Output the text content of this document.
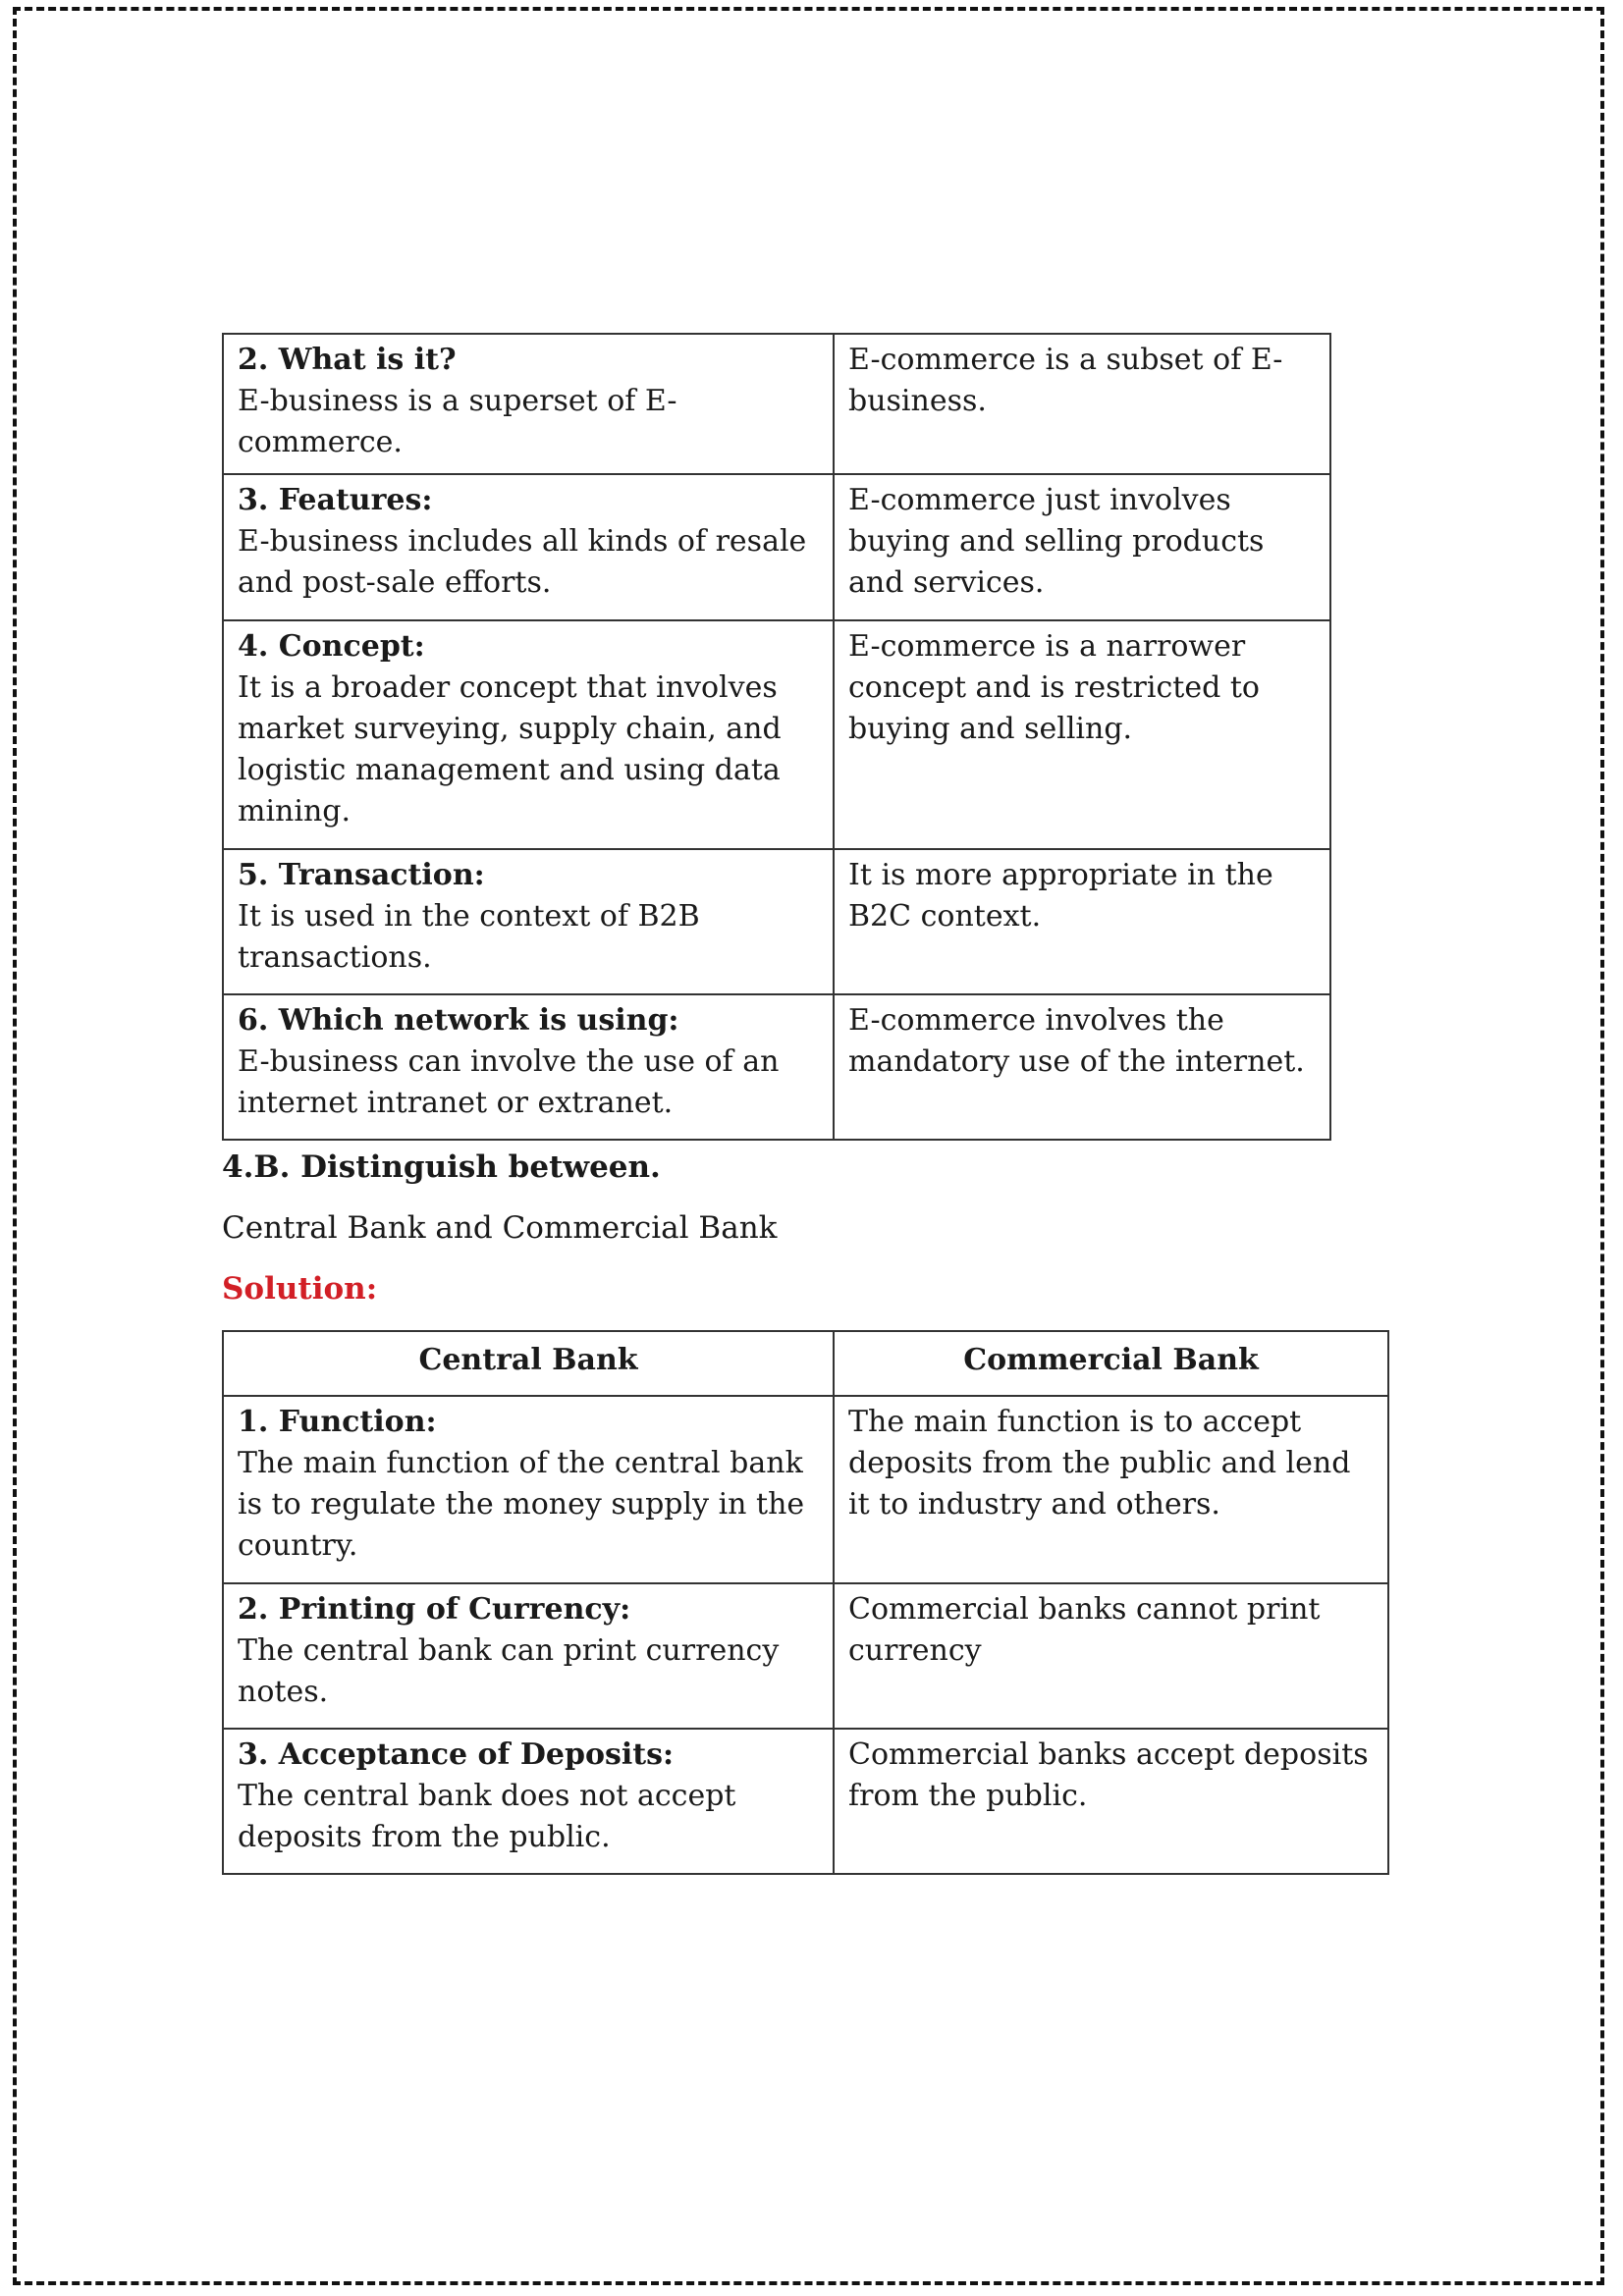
2. What is it?
E-business is a superset of E-commerce.	E-commerce is a subset of E-business.

3. Features:
E-business includes all kinds of resale and post-sale efforts.	E-commerce just involves buying and selling products and services.

4. Concept:
It is a broader concept that involves market surveying, supply chain, and logistic management and using data mining.	E-commerce is a narrower concept and is restricted to buying and selling.

5. Transaction:
It is used in the context of B2B transactions.	It is more appropriate in the B2C context.

6. Which network is using:
E-business can involve the use of an internet intranet or extranet.	E-commerce involves the mandatory use of the internet.

4.B. Distinguish between.

Central Bank and Commercial Bank

Solution:

Central Bank	Commercial Bank

1. Function:
The main function of the central bank is to regulate the money supply in the country.	The main function is to accept deposits from the public and lend it to industry and others.

2. Printing of Currency:
The central bank can print currency notes.	Commercial banks cannot print currency

3. Acceptance of Deposits:
The central bank does not accept deposits from the public.	Commercial banks accept deposits from the public.
